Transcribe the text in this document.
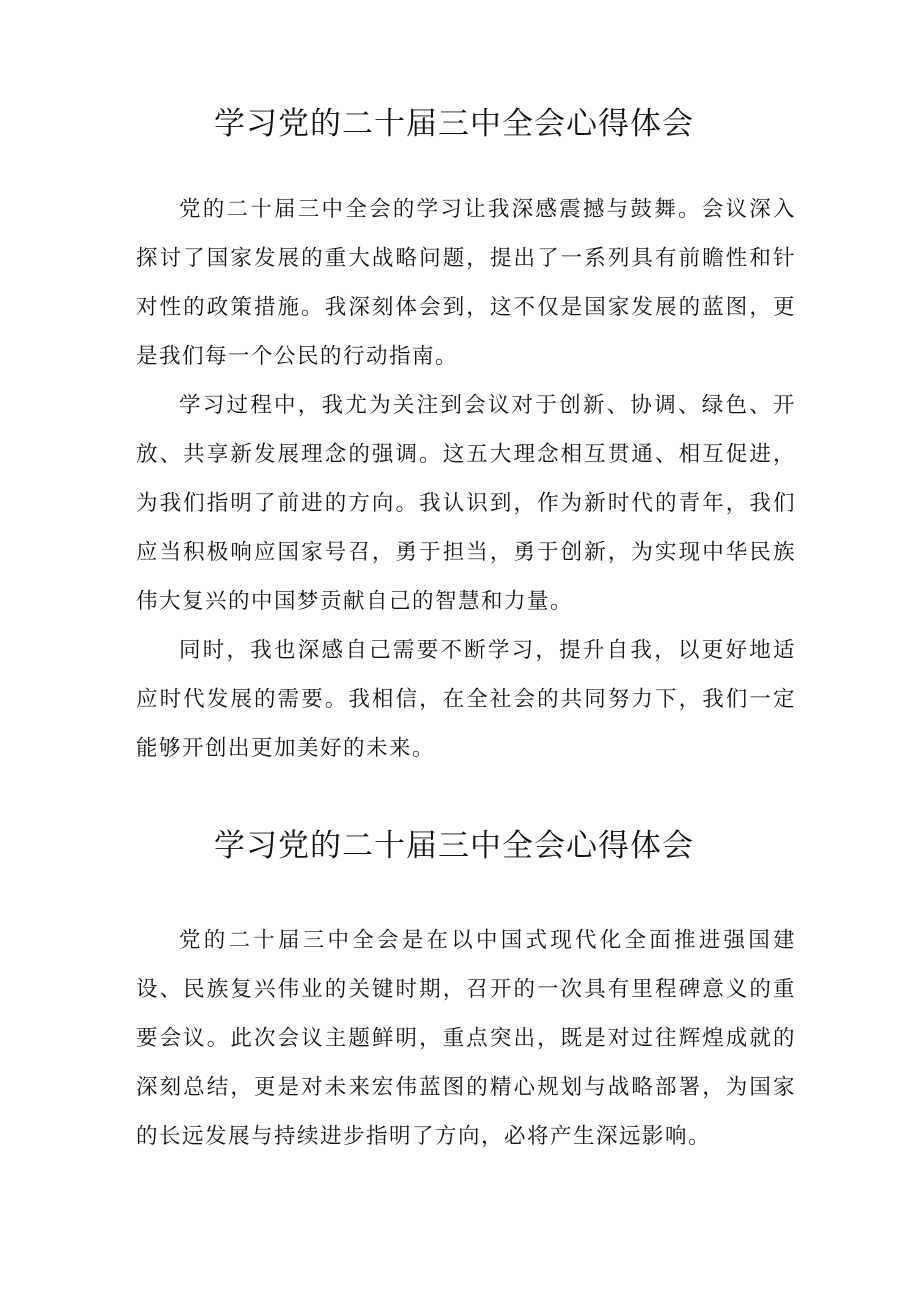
学习党的二十届三中全会心得体会

党的二十届三中全会的学习让我深感震撼与鼓舞。会议深入探讨了国家发展的重大战略问题，提出了一系列具有前瞻性和针对性的政策措施。我深刻体会到，这不仅是国家发展的蓝图，更是我们每一个公民的行动指南。

学习过程中，我尤为关注到会议对于创新、协调、绿色、开放、共享新发展理念的强调。这五大理念相互贯通、相互促进，为我们指明了前进的方向。我认识到，作为新时代的青年，我们应当积极响应国家号召，勇于担当，勇于创新，为实现中华民族伟大复兴的中国梦贡献自己的智慧和力量。

同时，我也深感自己需要不断学习，提升自我，以更好地适应时代发展的需要。我相信，在全社会的共同努力下，我们一定能够开创出更加美好的未来。

学习党的二十届三中全会心得体会

党的二十届三中全会是在以中国式现代化全面推进强国建设、民族复兴伟业的关键时期，召开的一次具有里程碑意义的重要会议。此次会议主题鲜明，重点突出，既是对过往辉煌成就的深刻总结，更是对未来宏伟蓝图的精心规划与战略部署，为国家的长远发展与持续进步指明了方向，必将产生深远影响。
